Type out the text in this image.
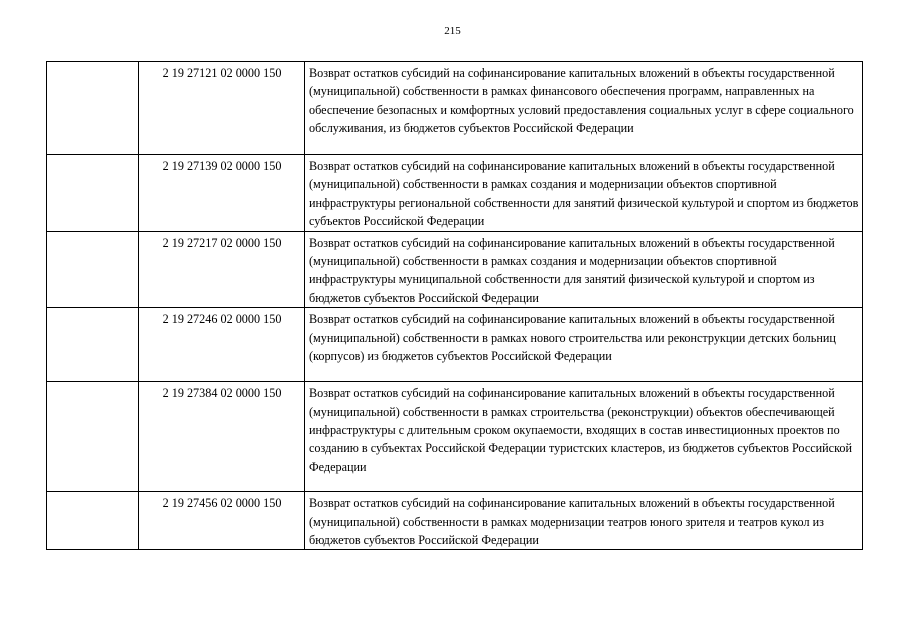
215
	2 19 27121 02 0000 150	Возврат остатков субсидий на софинансирование капитальных вложений в объекты государственной (муниципальной) собственности в рамках финансового обеспечения программ, направленных на обеспечение безопасных и комфортных условий предоставления социальных услуг в сфере социального обслуживания, из бюджетов субъектов Российской Федерации
	2 19 27139 02 0000 150	Возврат остатков субсидий на софинансирование капитальных вложений в объекты государственной (муниципальной) собственности в рамках создания и модернизации объектов спортивной инфраструктуры региональной собственности для занятий физической культурой и спортом из бюджетов субъектов Российской Федерации
	2 19 27217 02 0000 150	Возврат остатков субсидий на софинансирование капитальных вложений в объекты государственной (муниципальной) собственности в рамках создания и модернизации объектов спортивной инфраструктуры муниципальной собственности для занятий физической культурой и спортом из бюджетов субъектов Российской Федерации
	2 19 27246 02 0000 150	Возврат остатков субсидий на софинансирование капитальных вложений в объекты государственной (муниципальной) собственности в рамках нового строительства или реконструкции детских больниц (корпусов) из бюджетов субъектов Российской Федерации
	2 19 27384 02 0000 150	Возврат остатков субсидий на софинансирование капитальных вложений в объекты государственной (муниципальной) собственности в рамках строительства (реконструкции) объектов обеспечивающей инфраструктуры с длительным сроком окупаемости, входящих в состав инвестиционных проектов по созданию в субъектах Российской Федерации туристских кластеров, из бюджетов субъектов Российской Федерации
	2 19 27456 02 0000 150	Возврат остатков субсидий на софинансирование капитальных вложений в объекты государственной (муниципальной) собственности в рамках модернизации театров юного зрителя и театров кукол из бюджетов субъектов Российской Федерации
